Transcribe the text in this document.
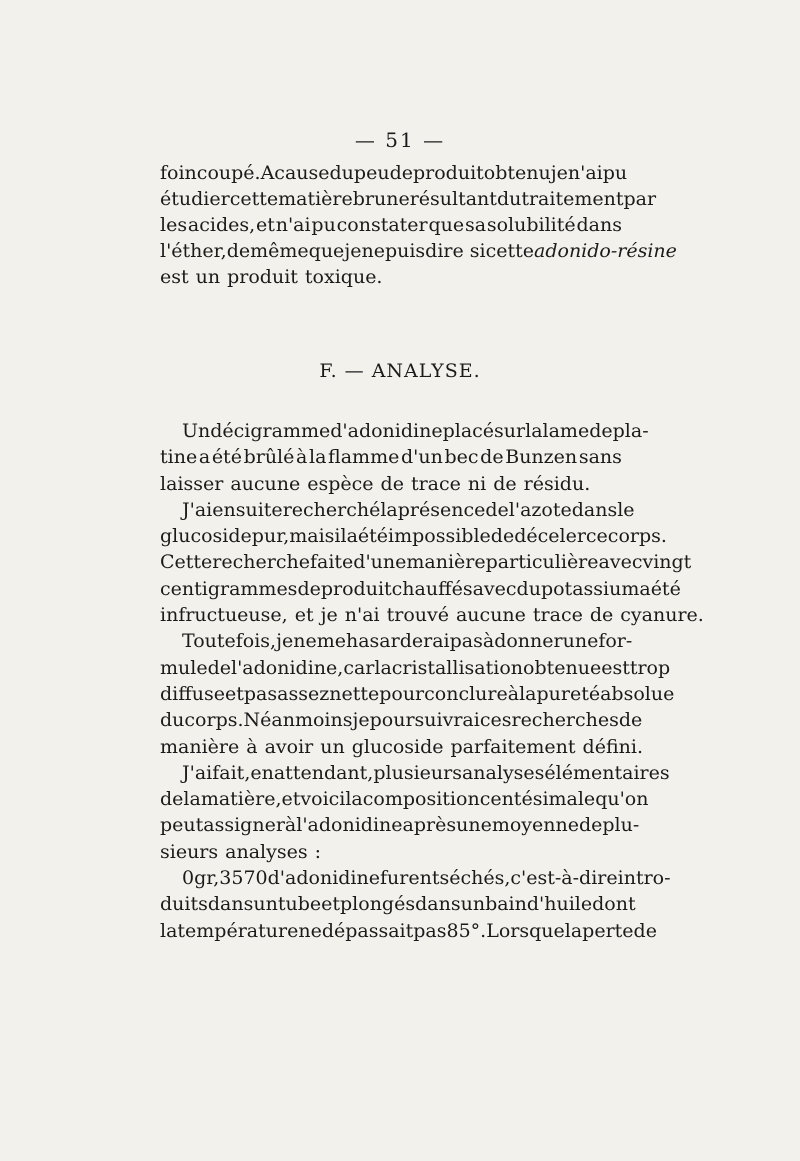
— 51 —
foin coupé. A cause du peu de produit obtenu je n'ai pu
étudier cette matière brune résultant du traitement par
les acides, et n'ai pu constater que sa solubilité dans
l'éther, de même que je ne puis dire si cette adonido-résine
est un produit toxique.
F. — ANALYSE.
Un décigramme d'adonidine placé sur la lame de pla-
tine a été brûlé à la flamme d'un bec de Bunzen sans
laisser aucune espèce de trace ni de résidu.
J'ai ensuite recherché la présence de l'azote dans le
glucoside pur, mais il a été impossible de déceler ce corps.
Cette recherche faite d'une manière particulière avec vingt
centigrammes de produit chauffés avec du potassium a été
infructueuse, et je n'ai trouvé aucune trace de cyanure.
Toutefois, je ne me hasarderai pas à donner une for-
mule de l'adonidine, car la cristallisation obtenue est trop
diffuse et pas assez nette pour conclure à la pureté absolue
du corps. Néanmoins je poursuivrai ces recherches de
manière à avoir un glucoside parfaitement défini.
J'ai fait, en attendant, plusieurs analyses élémentaires
de la matière, et voici la composition centésimale qu'on
peut assigner à l'adonidine après une moyenne de plu-
sieurs analyses :
0gr,3570 d'adonidine furent séchés, c'est-à-dire intro-
duits dans un tube et plongés dans un bain d'huile dont
la température ne dépassait pas 85°. Lorsque la perte de
